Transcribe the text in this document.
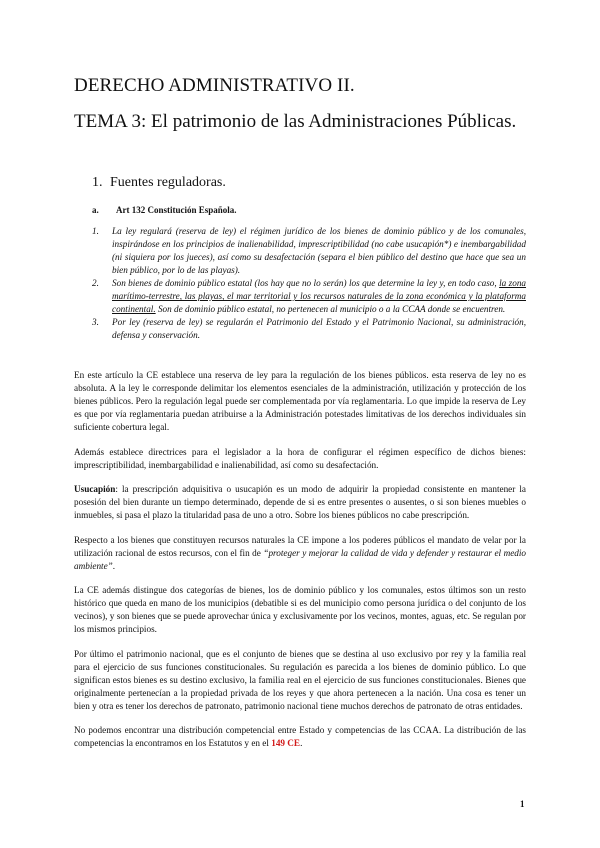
DERECHO ADMINISTRATIVO II.
TEMA 3: El patrimonio de las Administraciones Públicas.
1. Fuentes reguladoras.
a. Art 132 Constitución Española.
1. La ley regulará (reserva de ley) el régimen jurídico de los bienes de dominio público y de los comunales, inspirándose en los principios de inalienabilidad, imprescriptibilidad (no cabe usucapión*) e inembargabilidad (ni siquiera por los jueces), así como su desafectación (separa el bien público del destino que hace que sea un bien público, por lo de las playas).
2. Son bienes de dominio público estatal (los hay que no lo serán) los que determine la ley y, en todo caso, la zona marítimo-terrestre, las playas, el mar territorial y los recursos naturales de la zona económica y la plataforma continental. Son de dominio público estatal, no pertenecen al municipio o a la CCAA donde se encuentren.
3. Por ley (reserva de ley) se regularán el Patrimonio del Estado y el Patrimonio Nacional, su administración, defensa y conservación.

En este artículo la CE establece una reserva de ley para la regulación de los bienes públicos. esta reserva de ley no es absoluta. A la ley le corresponde delimitar los elementos esenciales de la administración, utilización y protección de los bienes públicos. Pero la regulación legal puede ser complementada por vía reglamentaria. Lo que impide la reserva de Ley es que por vía reglamentaria puedan atribuirse a la Administración potestades limitativas de los derechos individuales sin suficiente cobertura legal.

Además establece directrices para el legislador a la hora de configurar el régimen específico de dichos bienes: imprescriptibilidad, inembargabilidad e inalienabilidad, así como su desafectación.

Usucapión: la prescripción adquisitiva o usucapión es un modo de adquirir la propiedad consistente en mantener la posesión del bien durante un tiempo determinado, depende de si es entre presentes o ausentes, o si son bienes muebles o inmuebles, si pasa el plazo la titularidad pasa de uno a otro. Sobre los bienes públicos no cabe prescripción.

Respecto a los bienes que constituyen recursos naturales la CE impone a los poderes públicos el mandato de velar por la utilización racional de estos recursos, con el fin de “proteger y mejorar la calidad de vida y defender y restaurar el medio ambiente”.

La CE además distingue dos categorías de bienes, los de dominio público y los comunales, estos últimos son un resto histórico que queda en mano de los municipios (debatible si es del municipio como persona jurídica o del conjunto de los vecinos), y son bienes que se puede aprovechar única y exclusivamente por los vecinos, montes, aguas, etc. Se regulan por los mismos principios.

Por último el patrimonio nacional, que es el conjunto de bienes que se destina al uso exclusivo por rey y la familia real para el ejercicio de sus funciones constitucionales. Su regulación es parecida a los bienes de dominio público. Lo que significan estos bienes es su destino exclusivo, la familia real en el ejercicio de sus funciones constitucionales. Bienes que originalmente pertenecían a la propiedad privada de los reyes y que ahora pertenecen a la nación. Una cosa es tener un bien y otra es tener los derechos de patronato, patrimonio nacional tiene muchos derechos de patronato de otras entidades.

No podemos encontrar una distribución competencial entre Estado y competencias de las CCAA. La distribución de las competencias la encontramos en los Estatutos y en el 149 CE.

1
